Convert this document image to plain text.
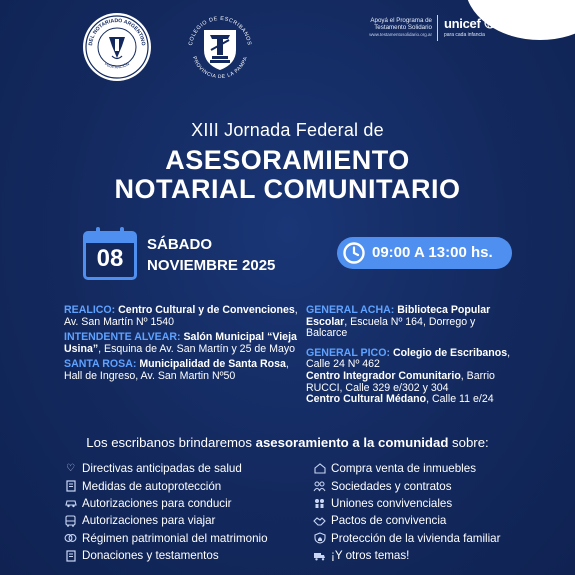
DEL NOTARIADO ARGENTINO
FEDERACIÓN
COLEGIO DE ESCRIBANOS
PROVINCIA DE LA PAMPA
Apoyá el Programa de
Testamento Solidario
www.testamentosolidario.org.ar
unicef
para cada infancia
XIII Jornada Federal de
ASESORAMIENTO
NOTARIAL COMUNITARIO
08
SÁBADO
NOVIEMBRE 2025
09:00 A 13:00 hs.
REALICO: Centro Cultural y de Convenciones, Av. San Martín Nº 1540
INTENDENTE ALVEAR: Salón Municipal “Vieja Usina”, Esquina de Av. San Martín y 25 de Mayo
SANTA ROSA: Municipalidad de Santa Rosa, Hall de Ingreso, Av. San Martin Nº50
GENERAL ACHA: Biblioteca Popular Escolar, Escuela Nº 164, Dorrego y Balcarce
GENERAL PICO: Colegio de Escribanos, Calle 24 Nº 462
Centro Integrador Comunitario, Barrio RUCCI, Calle 329 e/302 y 304
Centro Cultural Médano, Calle 11 e/24
Los escribanos brindaremos asesoramiento a la comunidad sobre:
♡ Directivas anticipadas de salud
Medidas de autoprotección
Autorizaciones para conducir
Autorizaciones para viajar
Régimen patrimonial del matrimonio
Donaciones y testamentos
Compra venta de inmuebles
Sociedades y contratos
Uniones convivenciales
Pactos de convivencia
Protección de la vivienda familiar
¡Y otros temas!
